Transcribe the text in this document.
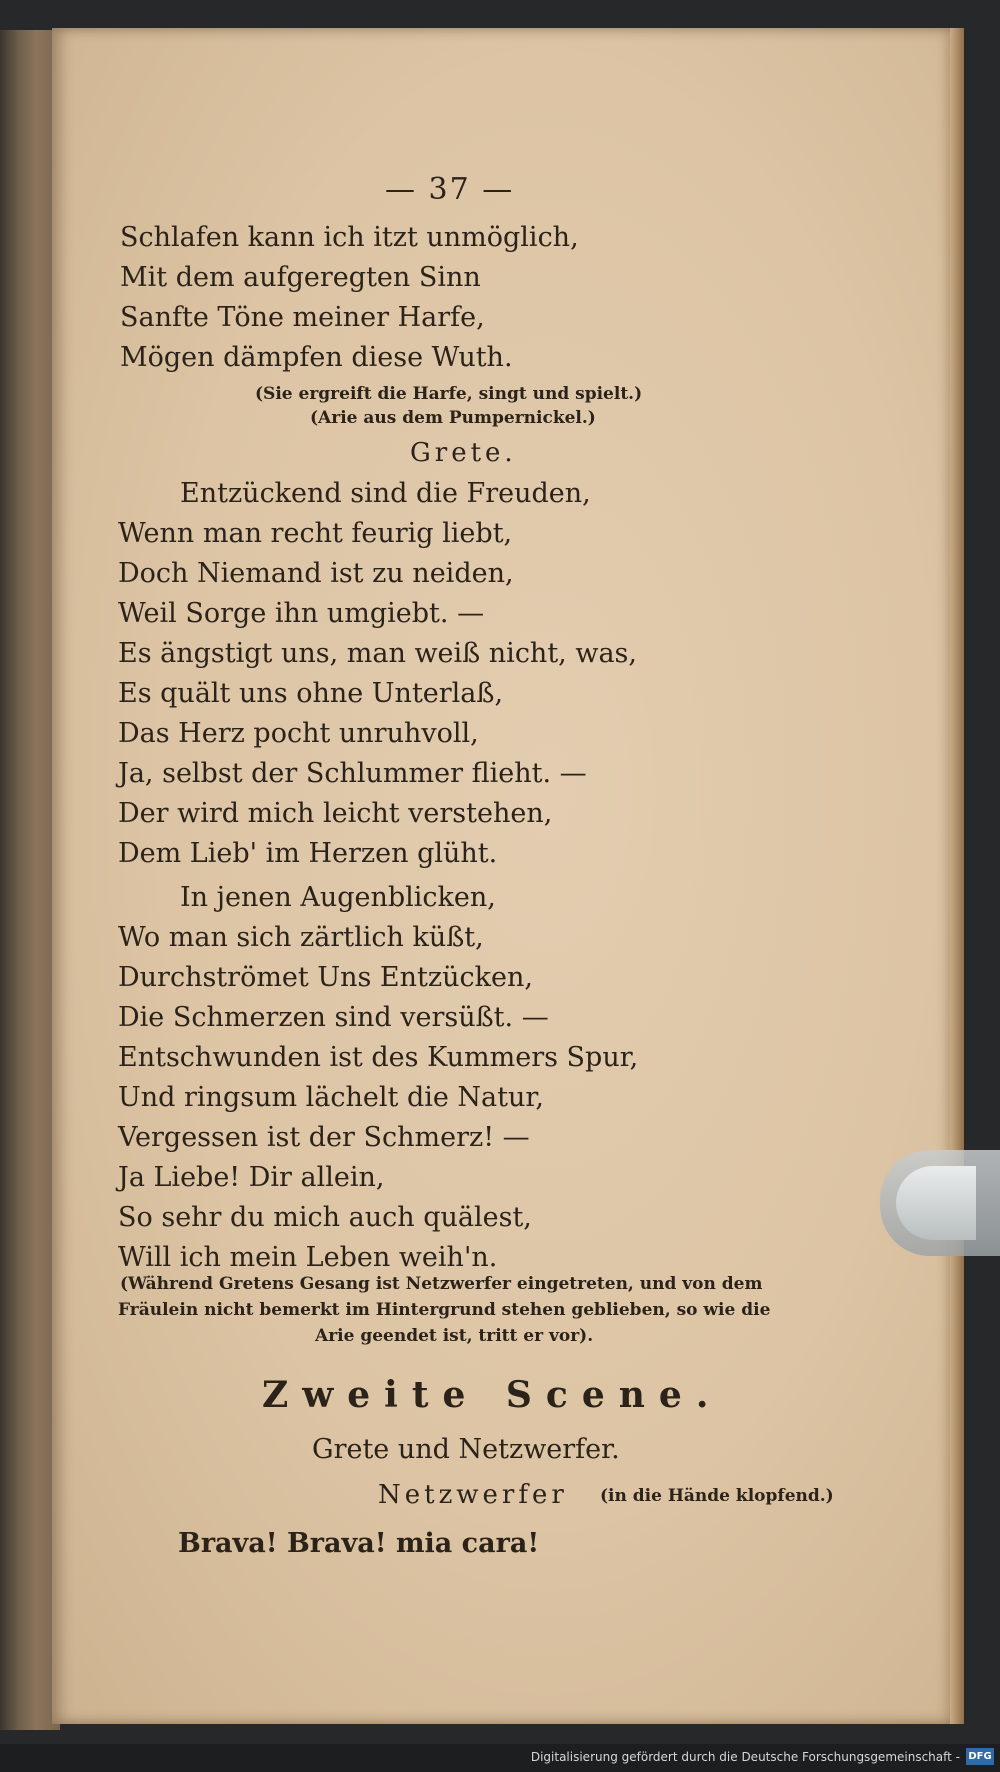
— 37 —
Schlafen kann ich itzt unmöglich,
Mit dem aufgeregten Sinn
Sanfte Töne meiner Harfe,
Mögen dämpfen diese Wuth.
(Sie ergreift die Harfe, singt und spielt.)
(Arie aus dem Pumpernickel.)
Grete.
Entzückend sind die Freuden,
Wenn man recht feurig liebt,
Doch Niemand ist zu neiden,
Weil Sorge ihn umgiebt. —
Es ängstigt uns, man weiß nicht, was,
Es quält uns ohne Unterlaß,
Das Herz pocht unruhvoll,
Ja, selbst der Schlummer flieht. —
Der wird mich leicht verstehen,
Dem Lieb' im Herzen glüht.
In jenen Augenblicken,
Wo man sich zärtlich küßt,
Durchströmet Uns Entzücken,
Die Schmerzen sind versüßt. —
Entschwunden ist des Kummers Spur,
Und ringsum lächelt die Natur,
Vergessen ist der Schmerz! —
Ja Liebe! Dir allein,
So sehr du mich auch quälest,
Will ich mein Leben weih'n.
(Während Gretens Gesang ist Netzwerfer eingetreten, und von dem
Fräulein nicht bemerkt im Hintergrund stehen geblieben, so wie die
Arie geendet ist, tritt er vor).
Zweite Scene.
Grete und Netzwerfer.
Netzwerfer (in die Hände klopfend.)
Brava! Brava! mia cara!
Digitalisierung gefördert durch die Deutsche Forschungsgemeinschaft - DFG
